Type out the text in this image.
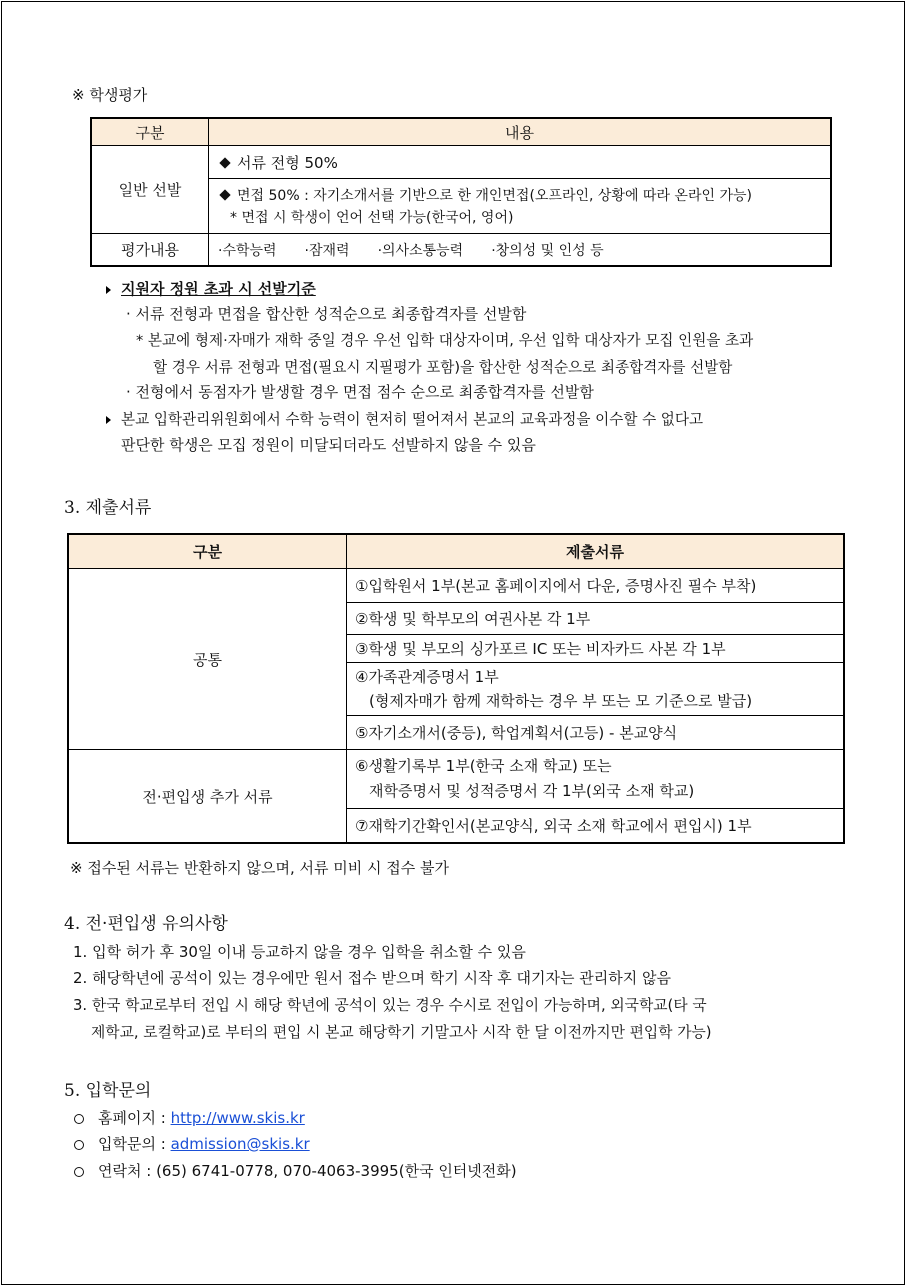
※ 학생평가
구분	내용
일반 선발	서류 전형 50%

	면접 50% : 자기소개서를 기반으로 한 개인면접(오프라인, 상황에 따라 온라인 가능)
* 면접 시 학생이 언어 선택 가능(한국어, 영어)

평가내용	·수학능력 ·잠재력 ·의사소통능력 ·창의성 및 인성 등
지원자 정원 초과 시 선발기준
· 서류 전형과 면접을 합산한 성적순으로 최종합격자를 선발함
* 본교에 형제·자매가 재학 중일 경우 우선 입학 대상자이며, 우선 입학 대상자가 모집 인원을 초과
할 경우 서류 전형과 면접(필요시 지필평가 포함)을 합산한 성적순으로 최종합격자를 선발함
· 전형에서 동점자가 발생할 경우 면접 점수 순으로 최종합격자를 선발함
본교 입학관리위원회에서 수학 능력이 현저히 떨어져서 본교의 교육과정을 이수할 수 없다고
판단한 학생은 모집 정원이 미달되더라도 선발하지 않을 수 있음
3. 제출서류
구분	제출서류
공통	①입학원서 1부(본교 홈페이지에서 다운, 증명사진 필수 부착)
	②학생 및 학부모의 여권사본 각 1부
	③학생 및 부모의 싱가포르 IC 또는 비자카드 사본 각 1부

	④가족관계증명서 1부
(형제자매가 함께 재학하는 경우 부 또는 모 기준으로 발급)

	⑤자기소개서(중등), 학업계획서(고등) - 본교양식
전·편입생 추가 서류	⑥생활기록부 1부(한국 소재 학교) 또는
재학증명서 및 성적증명서 각 1부(외국 소재 학교)

	⑦재학기간확인서(본교양식, 외국 소재 학교에서 편입시) 1부
※ 접수된 서류는 반환하지 않으며, 서류 미비 시 접수 불가
4. 전·편입생 유의사항
1. 입학 허가 후 30일 이내 등교하지 않을 경우 입학을 취소할 수 있음
2. 해당학년에 공석이 있는 경우에만 원서 접수 받으며 학기 시작 후 대기자는 관리하지 않음
3. 한국 학교로부터 전입 시 해당 학년에 공석이 있는 경우 수시로 전입이 가능하며, 외국학교(타 국
제학교, 로컬학교)로 부터의 편입 시 본교 해당학기 기말고사 시작 한 달 이전까지만 편입학 가능)
5. 입학문의
홈페이지 : http://www.skis.kr
입학문의 : admission@skis.kr
연락처 : (65) 6741-0778, 070-4063-3995(한국 인터넷전화)
